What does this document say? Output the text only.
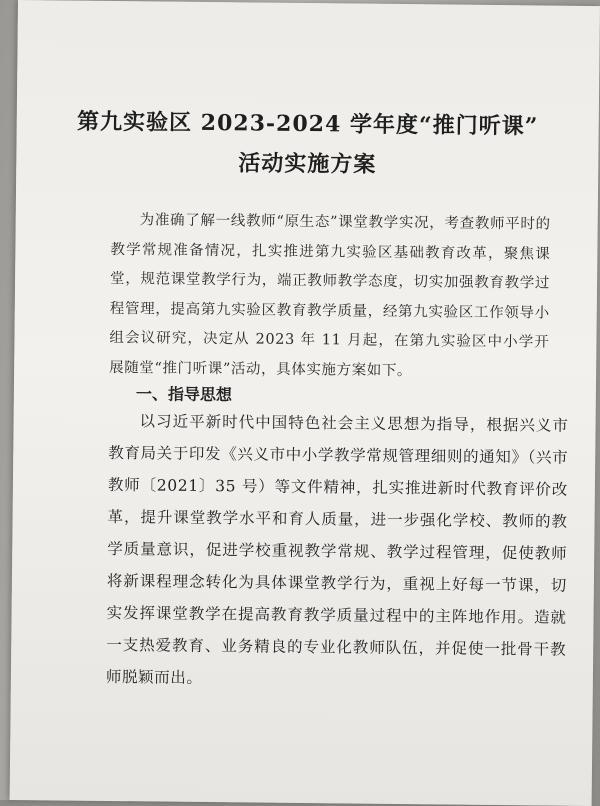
第九实验区 2023-2024 学年度“推门听课”
活动实施方案
为准确了解一线教师“原生态”课堂教学实况，考查教师平时的教学常规准备情况，扎实推进第九实验区基础教育改革，聚焦课堂，规范课堂教学行为，端正教师教学态度，切实加强教育教学过程管理，提高第九实验区教育教学质量，经第九实验区工作领导小组会议研究，决定从 2023 年 11 月起，在第九实验区中小学开展随堂“推门听课”活动，具体实施方案如下。
一、指导思想
以习近平新时代中国特色社会主义思想为指导，根据兴义市教育局关于印发《兴义市中小学教学常规管理细则的通知》（兴市教师〔2021〕35 号）等文件精神，扎实推进新时代教育评价改革，提升课堂教学水平和育人质量，进一步强化学校、教师的教学质量意识，促进学校重视教学常规、教学过程管理，促使教师将新课程理念转化为具体课堂教学行为，重视上好每一节课，切实发挥课堂教学在提高教育教学质量过程中的主阵地作用。造就一支热爱教育、业务精良的专业化教师队伍，并促使一批骨干教师脱颖而出。
